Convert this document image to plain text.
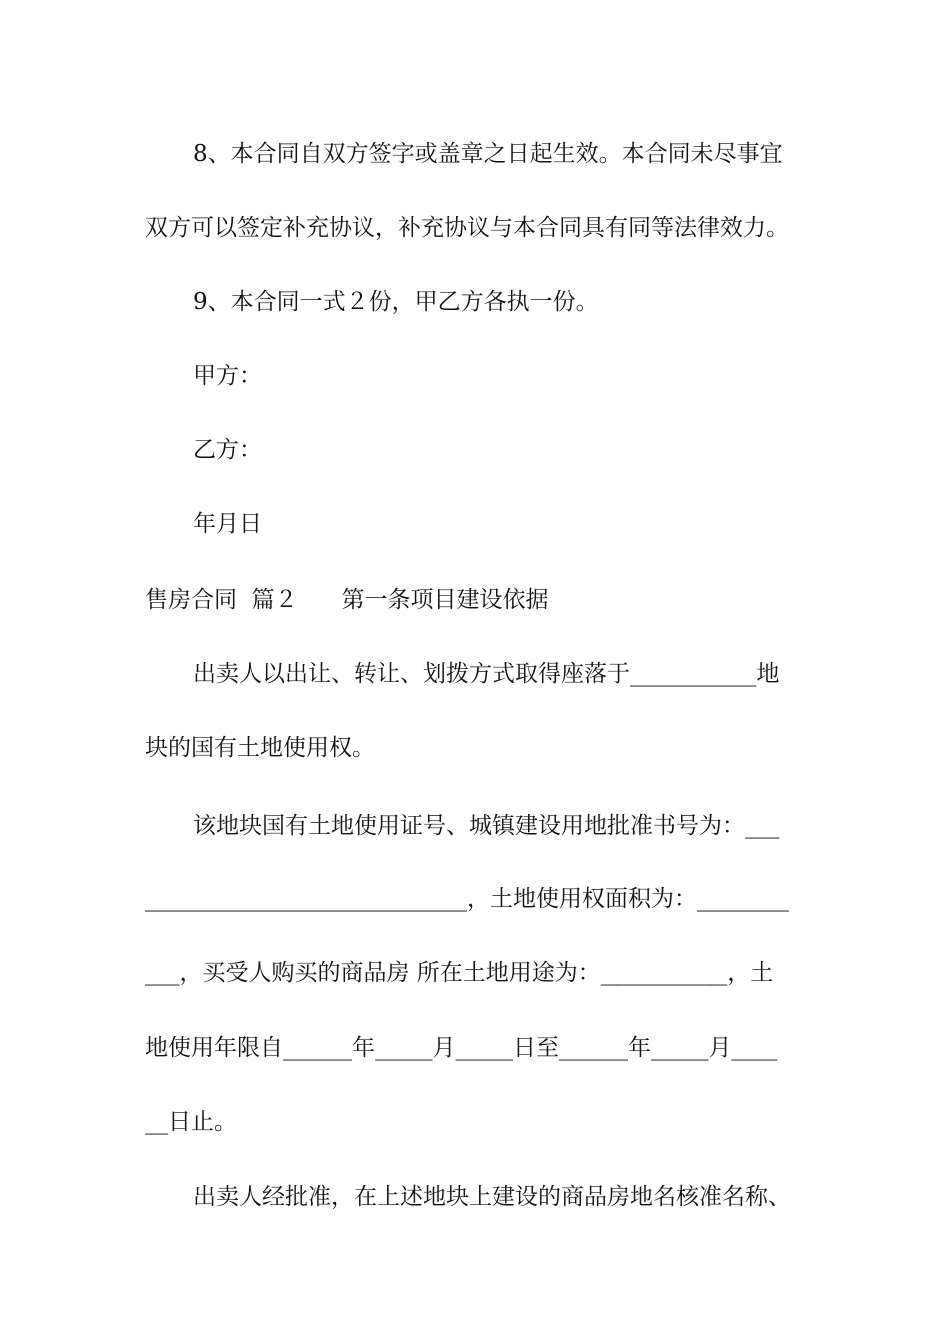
8、本合同自双方签字或盖章之日起生效。本合同未尽事宜

双方可以签定补充协议，补充协议与本合同具有同等法律效力。

9、本合同一式２份，甲乙方各执一份。

甲方：

乙方：

年月日

售房合同  篇２      第一条项目建设依据

出卖人以出让、转让、划拨方式取得座落于___________地

块的国有土地使用权。

该地块国有土地使用证号、城镇建设用地批准书号为：___

____________________________，土地使用权面积为：________

___，买受人购买的商品房 所在土地用途为：___________，土

地使用年限自______年_____月_____日至______年_____月____

__日止。

出卖人经批准，在上述地块上建设的商品房地名核准名称、
